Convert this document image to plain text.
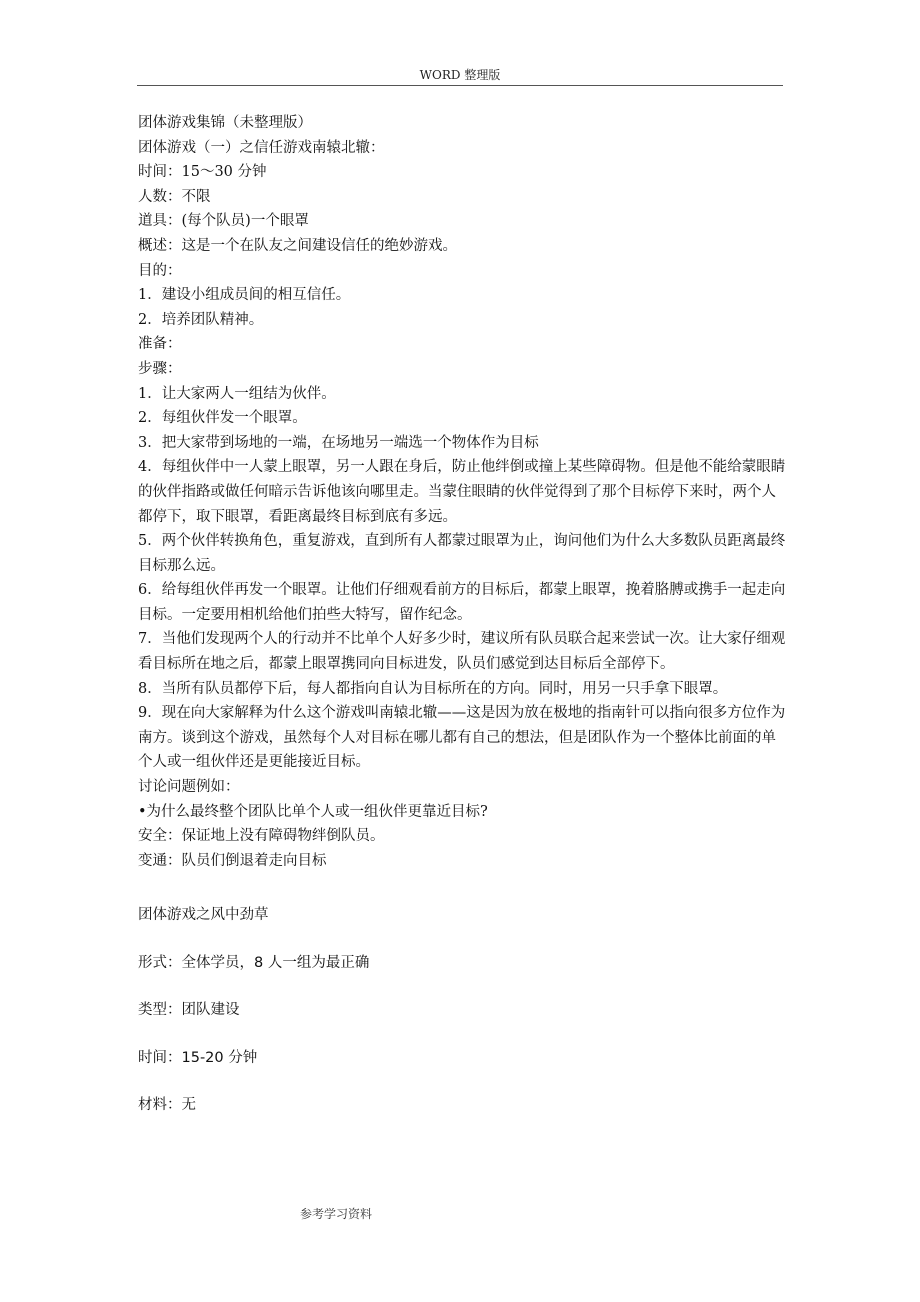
WORD 整理版

团体游戏集锦（未整理版）

团体游戏（一）之信任游戏南辕北辙：

时间：15～30 分钟

人数：不限

道具：(每个队员)一个眼罩

概述：这是一个在队友之间建设信任的绝妙游戏。

目的：

1．建设小组成员间的相互信任。

2．培养团队精神。

准备：

步骤：

1．让大家两人一组结为伙伴。

2．每组伙伴发一个眼罩。

3．把大家带到场地的一端，在场地另一端选一个物体作为目标

4．每组伙伴中一人蒙上眼罩，另一人跟在身后，防止他绊倒或撞上某些障碍物。但是他不能给蒙眼睛的伙伴指路或做任何暗示告诉他该向哪里走。当蒙住眼睛的伙伴觉得到了那个目标停下来时，两个人都停下，取下眼罩，看距离最终目标到底有多远。

5．两个伙伴转换角色，重复游戏，直到所有人都蒙过眼罩为止，询问他们为什么大多数队员距离最终目标那么远。

6．给每组伙伴再发一个眼罩。让他们仔细观看前方的目标后，都蒙上眼罩，挽着胳膊或携手一起走向目标。一定要用相机给他们拍些大特写，留作纪念。

7．当他们发现两个人的行动并不比单个人好多少时，建议所有队员联合起来尝试一次。让大家仔细观看目标所在地之后，都蒙上眼罩携同向目标进发，队员们感觉到达目标后全部停下。

8．当所有队员都停下后，每人都指向自认为目标所在的方向。同时，用另一只手拿下眼罩。

9．现在向大家解释为什么这个游戏叫南辕北辙——这是因为放在极地的指南针可以指向很多方位作为南方。谈到这个游戏，虽然每个人对目标在哪儿都有自己的想法，但是团队作为一个整体比前面的单个人或一组伙伴还是更能接近目标。

讨论问题例如：

•为什么最终整个团队比单个人或一组伙伴更靠近目标?

安全：保证地上没有障碍物绊倒队员。

变通：队员们倒退着走向目标

团体游戏之风中劲草

形式：全体学员，8 人一组为最正确

类型：团队建设

时间：15-20 分钟

材料：无

参考学习资料
